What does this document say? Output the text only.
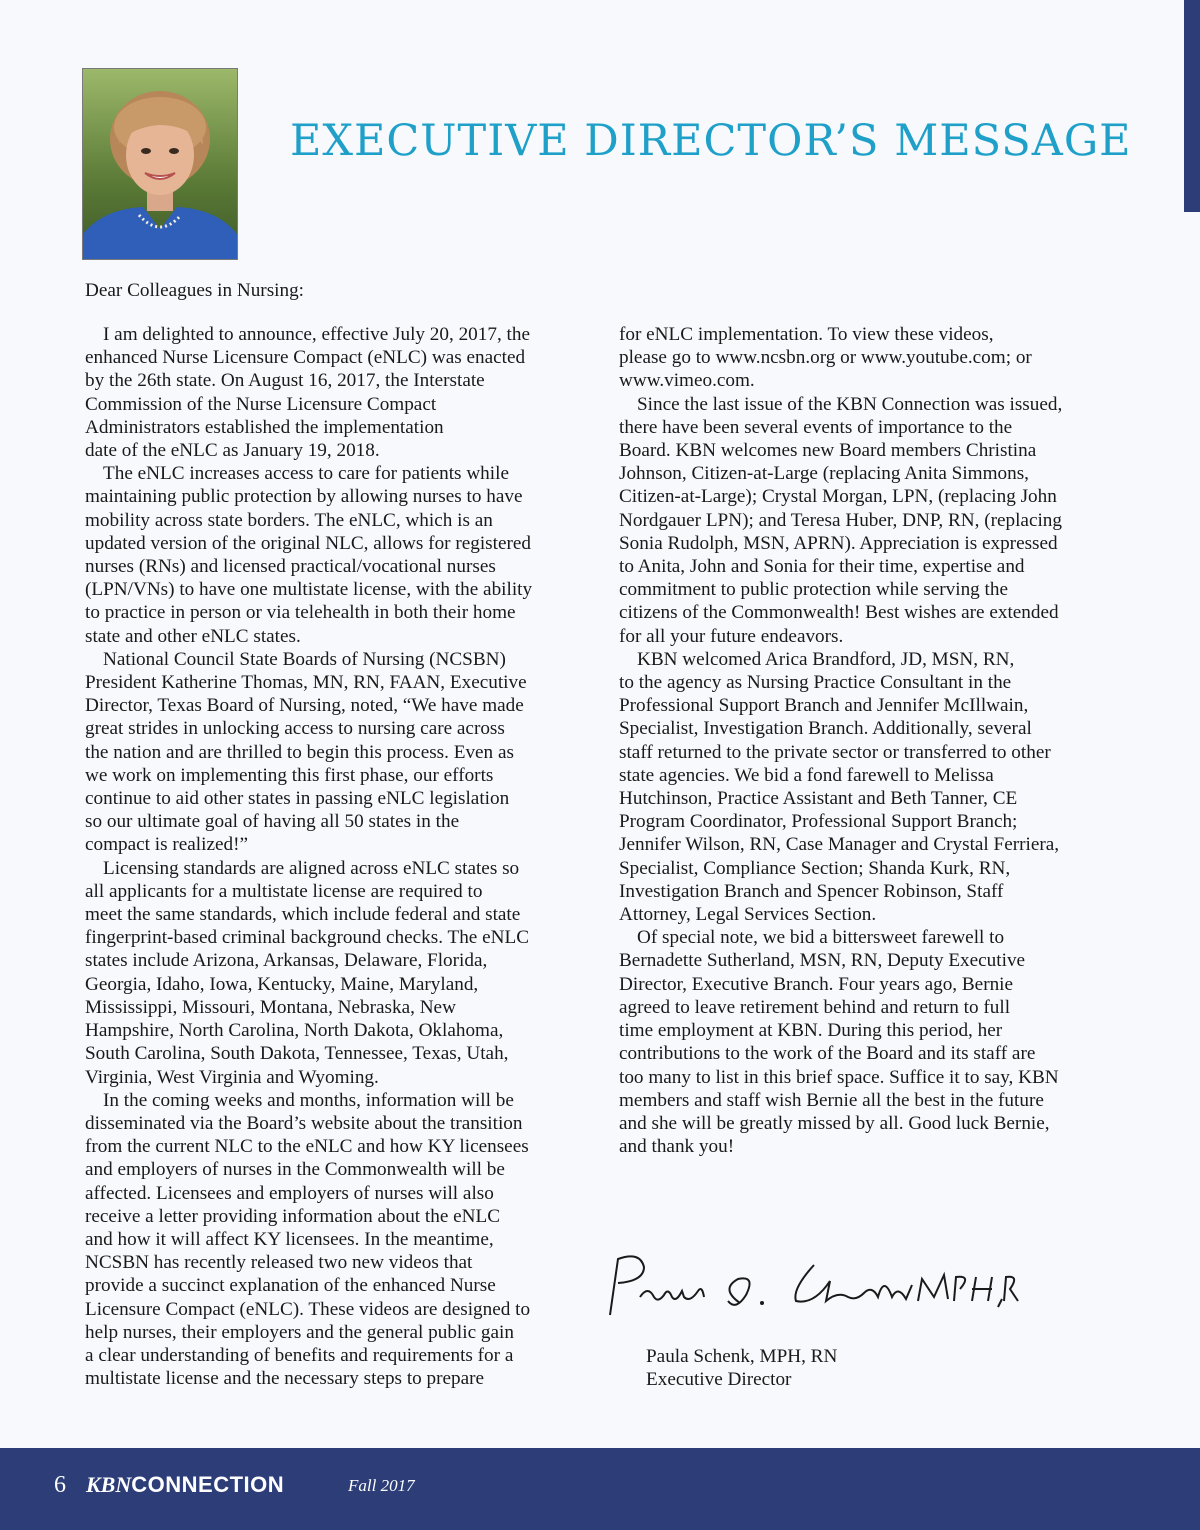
EXECUTIVE DIRECTOR’S MESSAGE

Dear Colleagues in Nursing:

I am delighted to announce, effective July 20, 2017, the

enhanced Nurse Licensure Compact (eNLC) was enacted

by the 26th state. On August 16, 2017, the Interstate

Commission of the Nurse Licensure Compact

Administrators established the implementation

date of the eNLC as January 19, 2018.

The eNLC increases access to care for patients while

maintaining public protection by allowing nurses to have

mobility across state borders. The eNLC, which is an

updated version of the original NLC, allows for registered

nurses (RNs) and licensed practical/vocational nurses

(LPN/VNs) to have one multistate license, with the ability

to practice in person or via telehealth in both their home

state and other eNLC states.

National Council State Boards of Nursing (NCSBN)

President Katherine Thomas, MN, RN, FAAN, Executive

Director, Texas Board of Nursing, noted, “We have made

great strides in unlocking access to nursing care across

the nation and are thrilled to begin this process. Even as

we work on implementing this first phase, our efforts

continue to aid other states in passing eNLC legislation

so our ultimate goal of having all 50 states in the

compact is realized!”

Licensing standards are aligned across eNLC states so

all applicants for a multistate license are required to

meet the same standards, which include federal and state

fingerprint-based criminal background checks. The eNLC

states include Arizona, Arkansas, Delaware, Florida,

Georgia, Idaho, Iowa, Kentucky, Maine, Maryland,

Mississippi, Missouri, Montana, Nebraska, New

Hampshire, North Carolina, North Dakota, Oklahoma,

South Carolina, South Dakota, Tennessee, Texas, Utah,

Virginia, West Virginia and Wyoming.

In the coming weeks and months, information will be

disseminated via the Board’s website about the transition

from the current NLC to the eNLC and how KY licensees

and employers of nurses in the Commonwealth will be

affected. Licensees and employers of nurses will also

receive a letter providing information about the eNLC

and how it will affect KY licensees. In the meantime,

NCSBN has recently released two new videos that

provide a succinct explanation of the enhanced Nurse

Licensure Compact (eNLC). These videos are designed to

help nurses, their employers and the general public gain

a clear understanding of benefits and requirements for a

multistate license and the necessary steps to prepare

for eNLC implementation. To view these videos,

please go to www.ncsbn.org or www.youtube.com; or

www.vimeo.com.

Since the last issue of the KBN Connection was issued,

there have been several events of importance to the

Board. KBN welcomes new Board members Christina

Johnson, Citizen-at-Large (replacing Anita Simmons,

Citizen-at-Large); Crystal Morgan, LPN, (replacing John

Nordgauer LPN); and Teresa Huber, DNP, RN, (replacing

Sonia Rudolph, MSN, APRN). Appreciation is expressed

to Anita, John and Sonia for their time, expertise and

commitment to public protection while serving the

citizens of the Commonwealth! Best wishes are extended

for all your future endeavors.

KBN welcomed Arica Brandford, JD, MSN, RN,

to the agency as Nursing Practice Consultant in the

Professional Support Branch and Jennifer McIllwain,

Specialist, Investigation Branch. Additionally, several

staff returned to the private sector or transferred to other

state agencies. We bid a fond farewell to Melissa

Hutchinson, Practice Assistant and Beth Tanner, CE

Program Coordinator, Professional Support Branch;

Jennifer Wilson, RN, Case Manager and Crystal Ferriera,

Specialist, Compliance Section; Shanda Kurk, RN,

Investigation Branch and Spencer Robinson, Staff

Attorney, Legal Services Section.

Of special note, we bid a bittersweet farewell to

Bernadette Sutherland, MSN, RN, Deputy Executive

Director, Executive Branch. Four years ago, Bernie

agreed to leave retirement behind and return to full

time employment at KBN. During this period, her

contributions to the work of the Board and its staff are

too many to list in this brief space. Suffice it to say, KBN

members and staff wish Bernie all the best in the future

and she will be greatly missed by all. Good luck Bernie,

and thank you!

Paula Schenk, MPH, RN

Executive Director

6 KBNCONNECTION	Fall 2017
